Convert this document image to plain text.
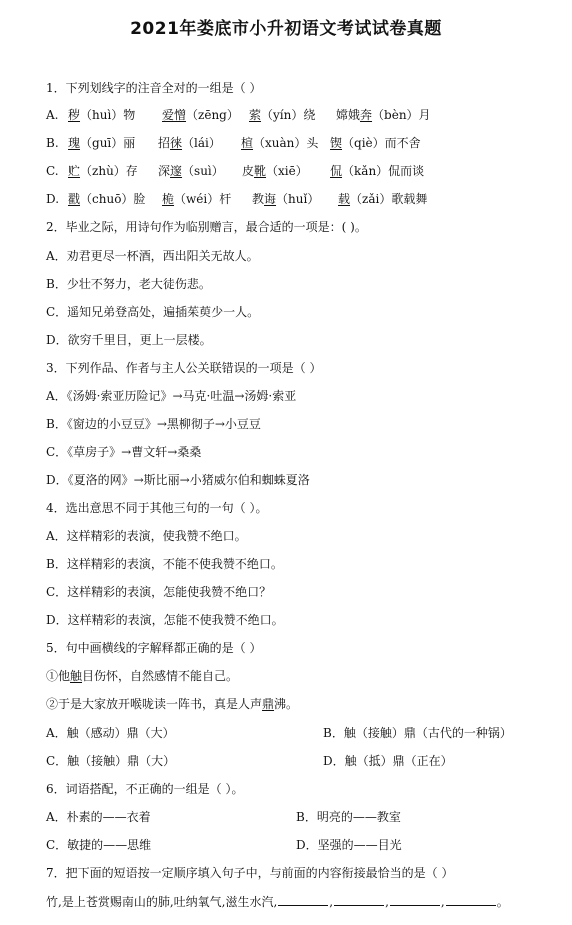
2021年娄底市小升初语文考试试卷真题
1．下列划线字的注音全对的一组是（ ）
A. 秽（huì）物 爱憎（zēng） 萦（yín）绕 嫦娥奔（bèn）月
B. 瑰（guī）丽 招徕（lái） 楦（xuàn）头 锲（qiè）而不舍
C. 贮（zhù）存 深邃（suì） 皮靴（xiē） 侃（kǎn）侃而谈
D. 戳（chuō）脸 桅（wéi）杆 教诲（huǐ） 载（zǎi）歌载舞
2．毕业之际，用诗句作为临别赠言，最合适的一项是：( )。
A．劝君更尽一杯酒，西出阳关无故人。
B．少壮不努力，老大徒伤悲。
C．遥知兄弟登高处，遍插茱萸少一人。
D．欲穷千里目，更上一层楼。
3．下列作品、作者与主人公关联错误的一项是（ ）
A．《汤姆·索亚历险记》→马克·吐温→汤姆·索亚
B．《窗边的小豆豆》→黑柳彻子→小豆豆
C．《草房子》→曹文轩→桑桑
D．《夏洛的网》→斯比丽→小猪威尔伯和蜘蛛夏洛
4．选出意思不同于其他三句的一句（ ）。
A．这样精彩的表演，使我赞不绝口。
B．这样精彩的表演，不能不使我赞不绝口。
C．这样精彩的表演，怎能使我赞不绝口？
D．这样精彩的表演，怎能不使我赞不绝口。
5．句中画横线的字解释都正确的是（ ）
①他触目伤怀，自然感情不能自己。
②于是大家放开喉咙读一阵书，真是人声鼎沸。
A．触（感动）鼎（大）	B．触（接触）鼎（古代的一种锅）
C．触（接触）鼎（大）	D．触（抵）鼎（正在）
6．词语搭配，不正确的一组是（ ）。
A．朴素的——衣着	B．明亮的——教室
C．敏捷的——思维	D．坚强的——目光
7．把下面的短语按一定顺序填入句子中，与前面的内容衔接最恰当的是（ ）
竹,是上苍赏赐南山的肺,吐纳氧气,滋生水汽,	,	,	,	。
